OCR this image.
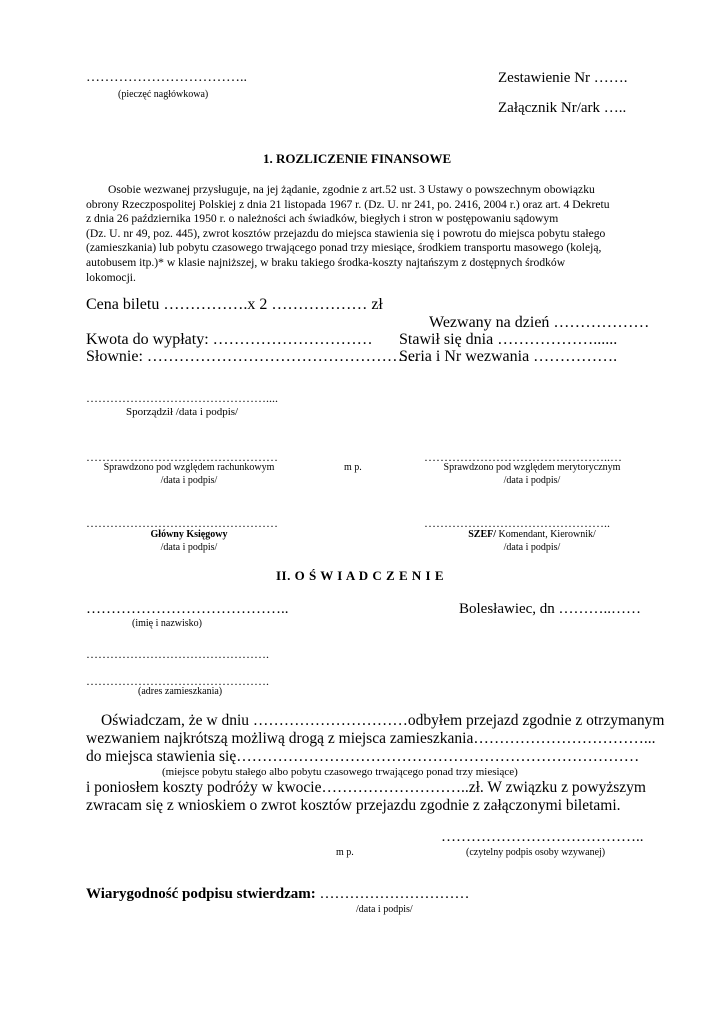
……………………………..
(pieczęć nagłówkowa)
Zestawienie Nr …….
Załącznik Nr/ark …..
1. ROZLICZENIE FINANSOWE

Osobie wezwanej przysługuje, na jej żądanie, zgodnie z art.52 ust. 3 Ustawy o powszechnym obowiązku

obrony Rzeczpospolitej Polskiej z dnia 21 listopada 1967 r. (Dz. U. nr 241, po. 2416, 2004 r.) oraz art. 4 Dekretu

z dnia 26 października 1950 r. o należności ach świadków, biegłych i stron w postępowaniu sądowym

(Dz. U. nr 49, poz. 445), zwrot kosztów przejazdu do miejsca stawienia się i powrotu do miejsca pobytu stałego

(zamieszkania) lub pobytu czasowego trwającego ponad trzy miesiące, środkiem transportu masowego (koleją,

autobusem itp.)* w klasie najniższej, w braku takiego środka-koszty najtańszym z dostępnych środków

lokomocji.

Cena biletu …………….x 2 ……………… zł
Wezwany na dzień ………………
Kwota do wypłaty: ………………………… Stawił się dnia ………………......
Słownie: ……………………………………………
Seria i Nr wezwania …………….
………………………………………....
Sporządził /data i podpis/
…………………………………………	………………………………………..…
Sprawdzono pod względem rachunkowym
/data i podpis/
m p.	Sprawdzono pod względem merytorycznym
/data i podpis/
…………………………………………	………………………………………..
Główny Księgowy
/data i podpis/
SZEF/ Komendant, Kierownik/
/data i podpis/
II. O Ś W I A D C Z E N I E
…………………………………..
(imię i nazwisko)
Bolesławiec, dn ………..……
……………………………………….
……………………………………….
(adres zamieszkania)
Oświadczam, że w dniu …………………………odbyłem przejazd zgodnie z otrzymanym
wezwaniem najkrótszą możliwą drogą z miejsca zamieszkania……………………………...
do miejsca stawienia się……………………………………………………………………
(miejsce pobytu stałego albo pobytu czasowego trwającego ponad trzy miesiące)
i poniosłem koszty podróży w kwocie………………………..zł. W związku z powyższym
zwracam się z wnioskiem o zwrot kosztów przejazdu zgodnie z załączonymi biletami.
…………………………………..
m p.	(czytelny podpis osoby wzywanej)
Wiarygodność podpisu stwierdzam: …………………………
/data i podpis/
